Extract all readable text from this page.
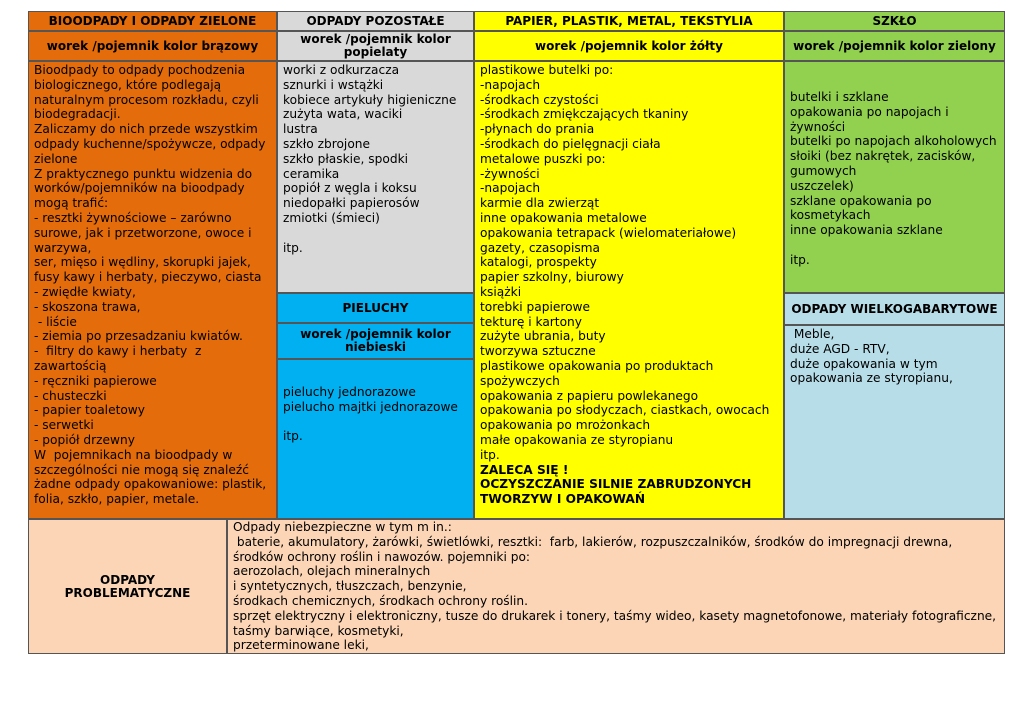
BIOODPADY I ODPADY ZIELONE
worek /pojemnik kolor brązowy
Bioodpady to odpady pochodzenia
biologicznego, które podlegają
naturalnym procesom rozkładu, czyli
biodegradacji.
Zaliczamy do nich przede wszystkim
odpady kuchenne/spożywcze, odpady
zielone
Z praktycznego punktu widzenia do
worków/pojemników na bioodpady
mogą trafić:
- resztki żywnościowe – zarówno
surowe, jak i przetworzone, owoce i
warzywa,
ser, mięso i wędliny, skorupki jajek,
fusy kawy i herbaty, pieczywo, ciasta
- zwiędłe kwiaty,
- skoszona trawa,
- liście
- ziemia po przesadzaniu kwiatów.
-  filtry do kawy i herbaty  z
zawartością
- ręczniki papierowe
- chusteczki
- papier toaletowy
- serwetki
- popiół drzewny
W  pojemnikach na bioodpady w
szczególności nie mogą się znaleźć
żadne odpady opakowaniowe: plastik,
folia, szkło, papier, metale.
ODPADY POZOSTAŁE
worek /pojemnik kolor popielaty
worki z odkurzacza
sznurki i wstążki
kobiece artykuły higieniczne
zużyta wata, waciki
lustra
szkło zbrojone
szkło płaskie, spodki
ceramika
popiół z węgla i koksu
niedopałki papierosów
zmiotki (śmieci)
itp.
PIELUCHY
worek /pojemnik kolor niebieski
pieluchy jednorazowe
pielucho majtki jednorazowe
itp.
PAPIER, PLASTIK, METAL, TEKSTYLIA
worek /pojemnik kolor żółty
plastikowe butelki po:
-napojach
-środkach czystości
-środkach zmiękczających tkaniny
-płynach do prania
-środkach do pielęgnacji ciała
metalowe puszki po:
-żywności
-napojach
karmie dla zwierząt
inne opakowania metalowe
opakowania tetrapack (wielomateriałowe)
gazety, czasopisma
katalogi, prospekty
papier szkolny, biurowy
książki
torebki papierowe
tekturę i kartony
zużyte ubrania, buty
tworzywa sztuczne
plastikowe opakowania po produktach
spożywczych
opakowania z papieru powlekanego
opakowania po słodyczach, ciastkach, owocach
opakowania po mrożonkach
małe opakowania ze styropianu
itp.
ZALECA SIĘ !
OCZYSZCZANIE SILNIE ZABRUDZONYCH
TWORZYW I OPAKOWAŃ
SZKŁO
worek /pojemnik kolor zielony
butelki i szklane
opakowania po napojach i
żywności
butelki po napojach alkoholowych
słoiki (bez nakrętek, zacisków,
gumowych
uszczelek)
szklane opakowania po
kosmetykach
inne opakowania szklane
itp.
ODPADY WIELKOGABARYTOWE
Meble,
duże AGD - RTV,
duże opakowania w tym
opakowania ze styropianu,
ODPADY PROBLEMATYCZNE
Odpady niebezpieczne w tym m in.:
baterie, akumulatory, żarówki, świetlówki, resztki:  farb, lakierów, rozpuszczalników, środków do impregnacji drewna,
środków ochrony roślin i nawozów. pojemniki po:
aerozolach, olejach mineralnych
i syntetycznych, tłuszczach, benzynie,
środkach chemicznych, środkach ochrony roślin.
sprzęt elektryczny i elektroniczny, tusze do drukarek i tonery, taśmy wideo, kasety magnetofonowe, materiały fotograficzne,
taśmy barwiące, kosmetyki,
przeterminowane leki,
